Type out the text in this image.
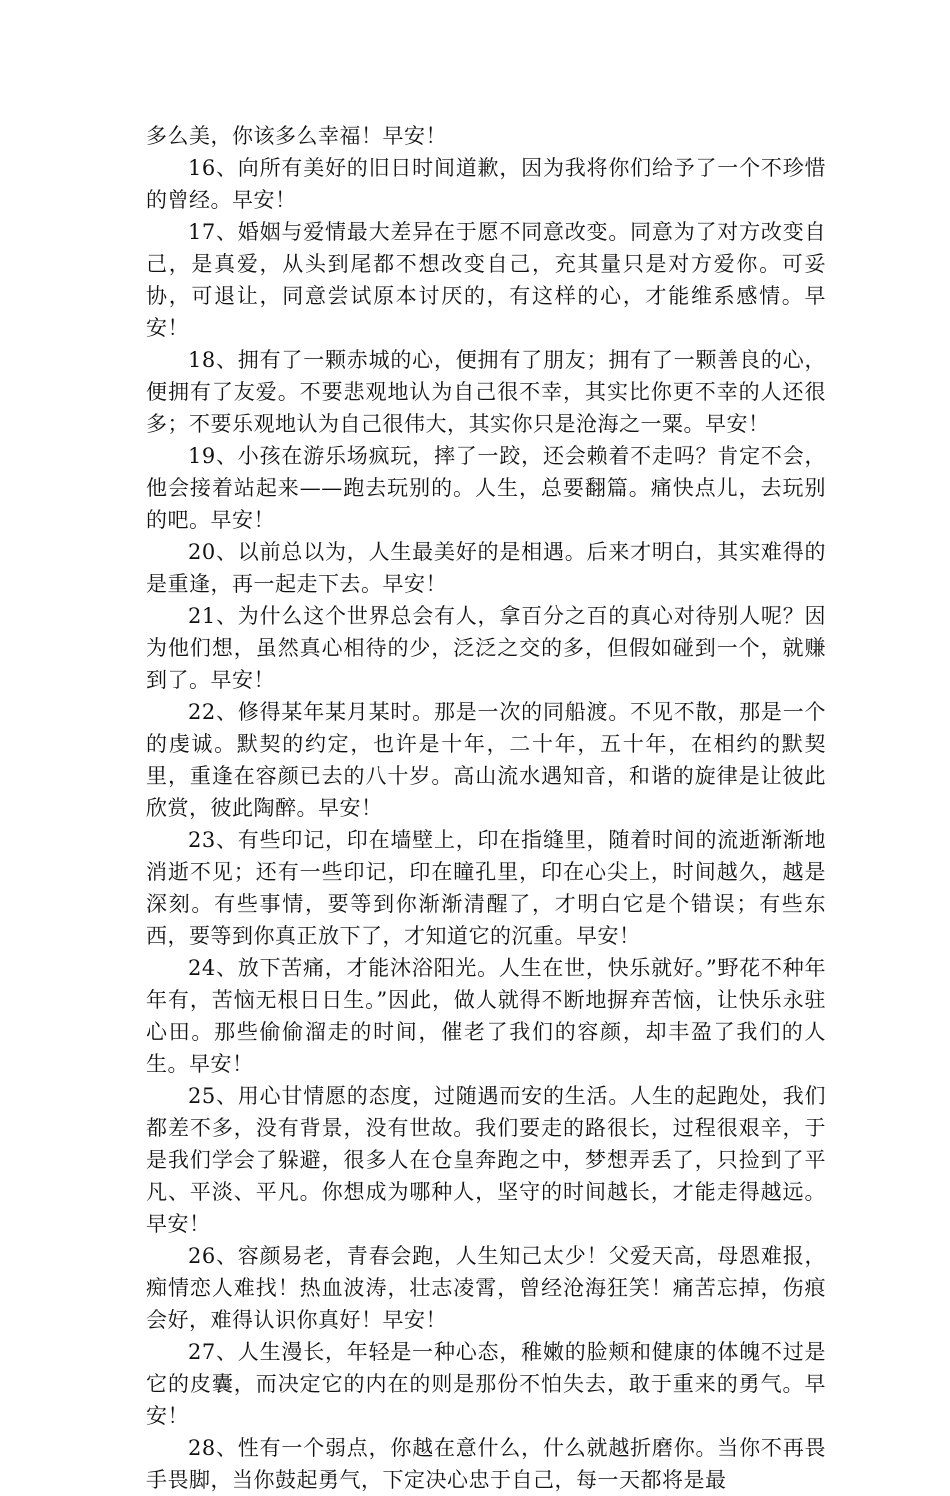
多么美，你该多么幸福！早安！

16、向所有美好的旧日时间道歉，因为我将你们给予了一个不珍惜的曾经。早安！

17、婚姻与爱情最大差异在于愿不同意改变。同意为了对方改变自己，是真爱，从头到尾都不想改变自己，充其量只是对方爱你。可妥协，可退让，同意尝试原本讨厌的，有这样的心，才能维系感情。早安！

18、拥有了一颗赤城的心，便拥有了朋友；拥有了一颗善良的心，便拥有了友爱。不要悲观地认为自己很不幸，其实比你更不幸的人还很多；不要乐观地认为自己很伟大，其实你只是沧海之一粟。早安！

19、小孩在游乐场疯玩，摔了一跤，还会赖着不走吗？肯定不会，他会接着站起来——跑去玩别的。人生，总要翻篇。痛快点儿，去玩别的吧。早安！

20、以前总以为，人生最美好的是相遇。后来才明白，其实难得的是重逢，再一起走下去。早安！

21、为什么这个世界总会有人，拿百分之百的真心对待别人呢？因为他们想，虽然真心相待的少，泛泛之交的多，但假如碰到一个，就赚到了。早安！

22、修得某年某月某时。那是一次的同船渡。不见不散，那是一个的虔诚。默契的约定，也许是十年，二十年，五十年，在相约的默契里，重逢在容颜已去的八十岁。高山流水遇知音，和谐的旋律是让彼此欣赏，彼此陶醉。早安！

23、有些印记，印在墙壁上，印在指缝里，随着时间的流逝渐渐地消逝不见；还有一些印记，印在瞳孔里，印在心尖上，时间越久，越是深刻。有些事情，要等到你渐渐清醒了，才明白它是个错误；有些东西，要等到你真正放下了，才知道它的沉重。早安！

24、放下苦痛，才能沐浴阳光。人生在世，快乐就好。”野花不种年年有，苦恼无根日日生。”因此，做人就得不断地摒弃苦恼，让快乐永驻心田。那些偷偷溜走的时间，催老了我们的容颜，却丰盈了我们的人生。早安！

25、用心甘情愿的态度，过随遇而安的生活。人生的起跑处，我们都差不多，没有背景，没有世故。我们要走的路很长，过程很艰辛，于是我们学会了躲避，很多人在仓皇奔跑之中，梦想弄丢了，只捡到了平凡、平淡、平凡。你想成为哪种人，坚守的时间越长，才能走得越远。早安！

26、容颜易老，青春会跑，人生知己太少！父爱天高，母恩难报，痴情恋人难找！热血波涛，壮志凌霄，曾经沧海狂笑！痛苦忘掉，伤痕会好，难得认识你真好！早安！

27、人生漫长，年轻是一种心态，稚嫩的脸颊和健康的体魄不过是它的皮囊，而决定它的内在的则是那份不怕失去，敢于重来的勇气。早安！

28、性有一个弱点，你越在意什么，什么就越折磨你。当你不再畏手畏脚，当你鼓起勇气，下定决心忠于自己，每一天都将是最
